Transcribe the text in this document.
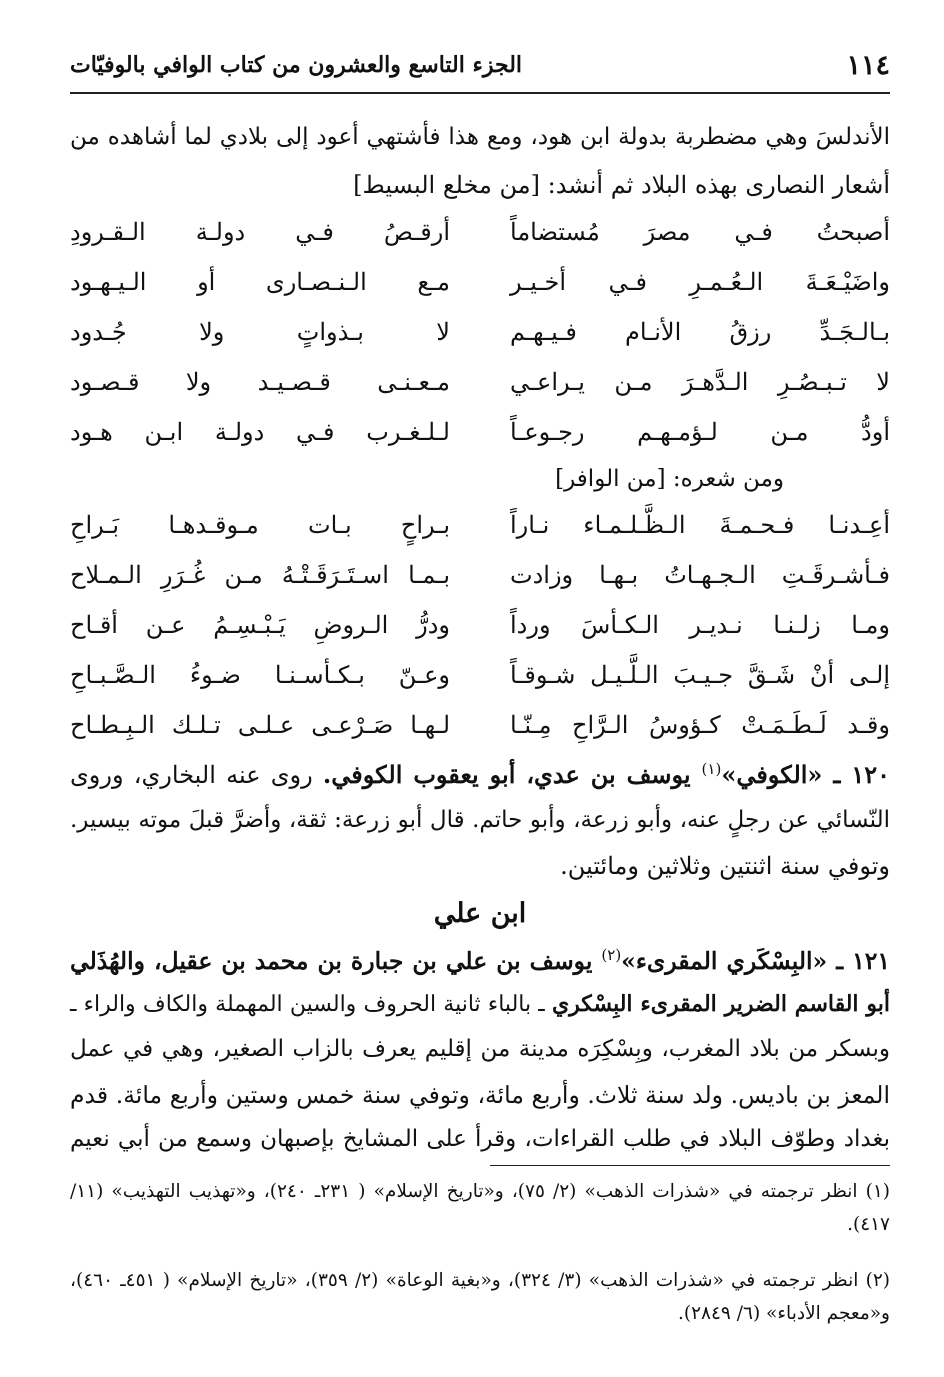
١١٤
الجزء التاسع والعشرون من كتاب الوافي بالوفيّات
الأندلسَ وهي مضطربة بدولة ابن هود، ومع هذا فأشتهي أعود إلى بلادي لما أشاهده من
أشعار النصارى بهذه البلاد ثم أنشد: [من مخلع البسيط]
أصبحتُ فـي مصرَ مُستضاماً
أرقـصُ فـي دولـة الـقـرودِ
واضَيْـعَـةَ الـعُـمـرِ فـي أخـيـر
مـع الـنـصـارى أو الـيـهـود
بـالـجَـدِّ رزقُ الأنـام فـيـهـم
لا بـذواتٍ ولا جُـدود
لا تـبـصُـرِ الـدَّهـرَ مـن يـراعـي
مـعـنـى قـصـيـد ولا قـصـود
أودُّ مـن لـؤمـهـم رجـوعـاً
لـلـغـرب فـي دولـة ابـن هـود
ومن شعره: [من الوافر]
أعِـدنـا فـحـمـةَ الـظَّـلـمـاء نـاراً
بـراحٍ بـات مـوقـدهـا بَـراحِ
فـأشـرقَـتِ الـجـهـاتُ بـهـا وزادت
بـمـا اسـتَـرَقَـتْـهُ مـن غُـرَرِ الـمـلاح
ومـا زلـنـا نـديـر الـكـأسَ ورداً
ودرُّ الـروضِ يَـبْـسِـمُ عـن أقـاح
إلـى أنْ شَـقَّ جـيـبَ الـلَّـيـل شـوقـاً
وعـنّ بـكـأسـنـا ضـوءُ الـصَّـبـاحِ
وقـد لَـطَـمَـتْ كـؤوسُ الـرَّاحِ مِـنّـا
لـهـا صَـرْعـى عـلـى تـلـك الـبِـطـاح
١٢٠ ـ «الكوفي»$^{(١)}$ يوسف بن عدي، أبو يعقوب الكوفي. روى عنه البخاري، وروى
النّسائي عن رجلٍ عنه، وأبو زرعة، وأبو حاتم. قال أبو زرعة: ثقة، وأضرَّ قبلَ موته بيسير.
وتوفي سنة اثنتين وثلاثين ومائتين.
ابن علي
١٢١ ـ «البِسْكَري المقرىء»$^{(٢)}$ يوسف بن علي بن جبارة بن محمد بن عقيل، والهُذَلي
أبو القاسم الضرير المقرىء البِسْكري ـ بالباء ثانية الحروف والسين المهملة والكاف والراء ـ
وبسكر من بلاد المغرب، وبِسْكِرَه مدينة من إقليم يعرف بالزاب الصغير، وهي في عمل
المعز بن باديس. ولد سنة ثلاث. وأربع مائة، وتوفي سنة خمس وستين وأربع مائة. قدم
بغداد وطوّف البلاد في طلب القراءات، وقرأ على المشايخ بإصبهان وسمع من أبي نعيم
(١) انظر ترجمته في «شذرات الذهب» (٢/ ٧٥)، و«تاريخ الإسلام» ( ٢٣١ـ ٢٤٠)، و«تهذيب التهذيب» (١١/
٤١٧).
(٢) انظر ترجمته في «شذرات الذهب» (٣/ ٣٢٤)، و«بغية الوعاة» (٢/ ٣٥٩)، «تاريخ الإسلام» ( ٤٥١ـ ٤٦٠)،
و«معجم الأدباء» (٦/ ٢٨٤٩).
